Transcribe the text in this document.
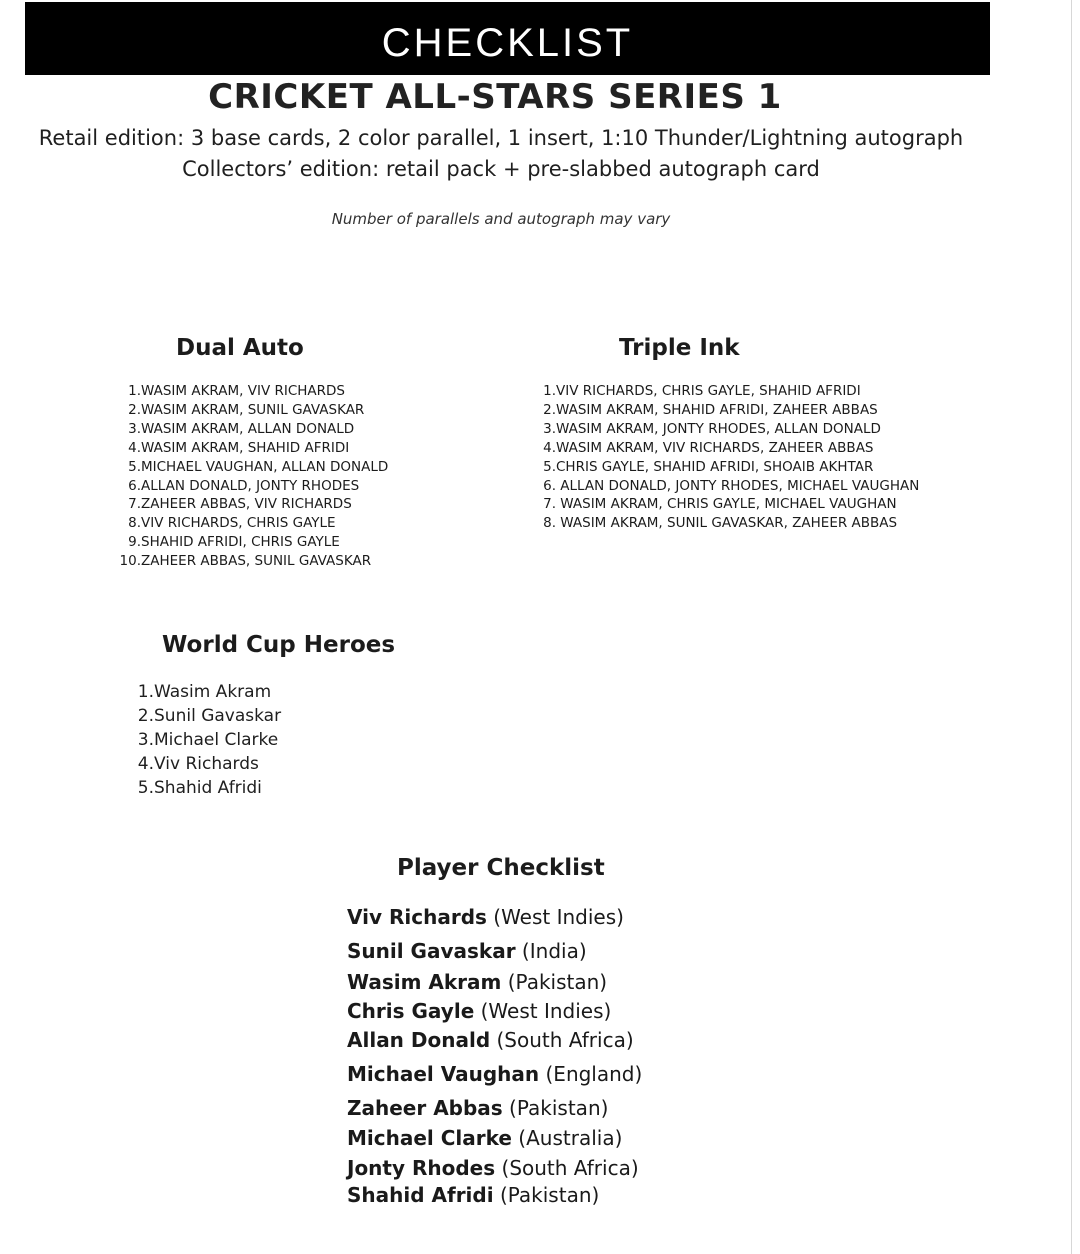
CHECKLIST
CRICKET ALL-STARS SERIES 1
Retail edition: 3 base cards, 2 color parallel, 1 insert, 1:10 Thunder/Lightning autograph
Collectors’ edition: retail pack + pre-slabbed autograph card
Number of parallels and autograph may vary
Dual Auto
1.WASIM AKRAM, VIV RICHARDS
2.WASIM AKRAM, SUNIL GAVASKAR
3.WASIM AKRAM, ALLAN DONALD
4.WASIM AKRAM, SHAHID AFRIDI
5.MICHAEL VAUGHAN, ALLAN DONALD
6.ALLAN DONALD, JONTY RHODES
7.ZAHEER ABBAS, VIV RICHARDS
8.VIV RICHARDS, CHRIS GAYLE
9.SHAHID AFRIDI, CHRIS GAYLE
10.ZAHEER ABBAS, SUNIL GAVASKAR
Triple Ink
1.VIV RICHARDS, CHRIS GAYLE, SHAHID AFRIDI
2.WASIM AKRAM, SHAHID AFRIDI, ZAHEER ABBAS
3.WASIM AKRAM, JONTY RHODES, ALLAN DONALD
4.WASIM AKRAM, VIV RICHARDS, ZAHEER ABBAS
5.CHRIS GAYLE, SHAHID AFRIDI, SHOAIB AKHTAR
6. ALLAN DONALD, JONTY RHODES, MICHAEL VAUGHAN
7. WASIM AKRAM, CHRIS GAYLE, MICHAEL VAUGHAN
8. WASIM AKRAM, SUNIL GAVASKAR, ZAHEER ABBAS
World Cup Heroes
1.Wasim Akram
2.Sunil Gavaskar
3.Michael Clarke
4.Viv Richards
5.Shahid Afridi
Player Checklist
Viv Richards (West Indies)
Sunil Gavaskar (India)
Wasim Akram (Pakistan)
Chris Gayle (West Indies)
Allan Donald (South Africa)
Michael Vaughan (England)
Zaheer Abbas (Pakistan)
Michael Clarke (Australia)
Jonty Rhodes (South Africa)
Shahid Afridi (Pakistan)
